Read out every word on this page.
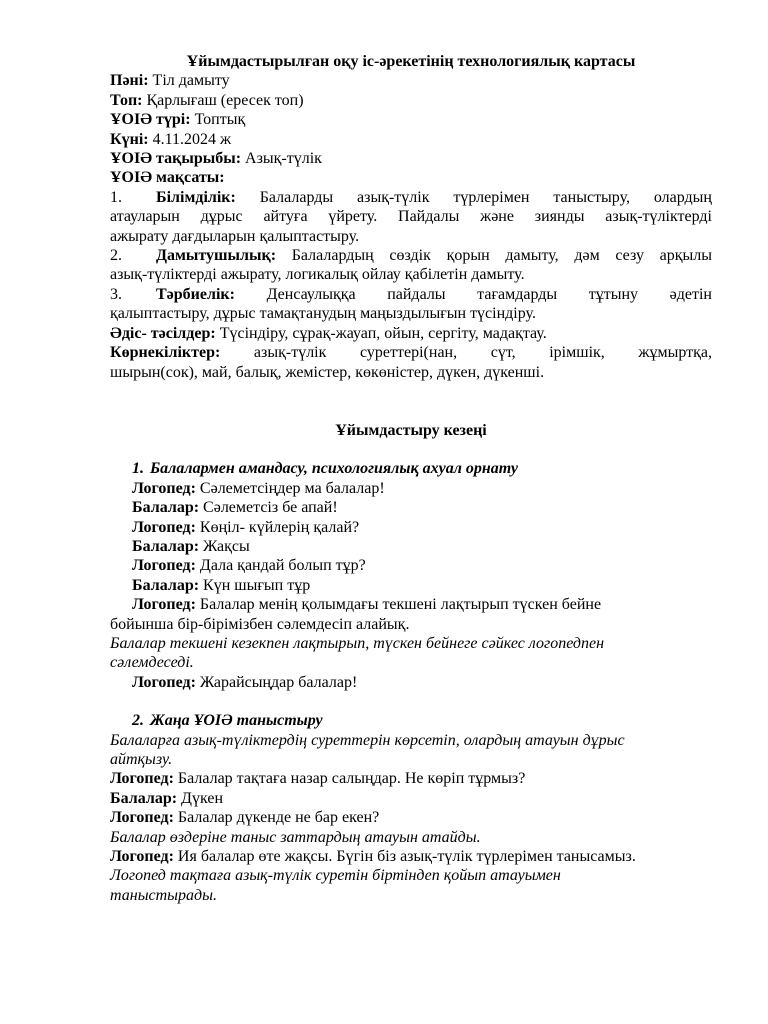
Ұйымдастырылған оқу іс-әрекетінің технологиялық картасы

Пәні: Тіл дамыту

Топ: Қарлығаш (ересек топ)

ҰОІӘ түрі: Топтық

Күні: 4.11.2024 ж

ҰОІӘ тақырыбы: Азық-түлік

ҰОІӘ мақсаты:

1. Білімділік: Балаларды азық-түлік түрлерімен таныстыру, олардың

атауларын дұрыс айтуға үйрету. Пайдалы және зиянды азық-түліктерді

ажырату дағдыларын қалыптастыру.

2. Дамытушылық: Балалардың сөздік қорын дамыту, дәм сезу арқылы

азық-түліктерді ажырату, логикалық ойлау қабілетін дамыту.

3. Тәрбиелік: Денсаулыққа пайдалы тағамдарды тұтыну әдетін

қалыптастыру, дұрыс тамақтанудың маңыздылығын түсіндіру.

Әдіс- тәсілдер: Түсіндіру, сұрақ-жауап, ойын, сергіту, мадақтау.

Көрнекіліктер: азық-түлік суреттері(нан, сүт, ірімшік, жұмыртқа,

шырын(сок), май, балық, жемістер, көкөністер, дүкен, дүкенші.

Ұйымдастыру кезеңі

1. Балалармен амандасу, психологиялық ахуал орнату

Логопед: Сәлеметсіңдер ма балалар!

Балалар: Сәлеметсіз бе апай!

Логопед: Көңіл- күйлерің қалай?

Балалар: Жақсы

Логопед: Дала қандай болып тұр?

Балалар: Күн шығып тұр

Логопед: Балалар менің қолымдағы текшені лақтырып түскен бейне

бойынша бір-бірімізбен сәлемдесіп алайық.

Балалар текшені кезекпен лақтырып, түскен бейнеге сәйкес логопедпен

сәлемдеседі.

Логопед: Жарайсыңдар балалар!

2. Жаңа ҰОІӘ таныстыру

Балаларға азық-түліктердің суреттерін көрсетіп, олардың атауын дұрыс

айтқызу.

Логопед: Балалар тақтаға назар салыңдар. Не көріп тұрмыз?

Балалар: Дүкен

Логопед: Балалар дүкенде не бар екен?

Балалар өздеріне таныс заттардың атауын атайды.

Логопед: Ия балалар өте жақсы. Бүгін біз азық-түлік түрлерімен танысамыз.

Логопед тақтаға азық-түлік суретін біртіндеп қойып атауымен

таныстырады.
